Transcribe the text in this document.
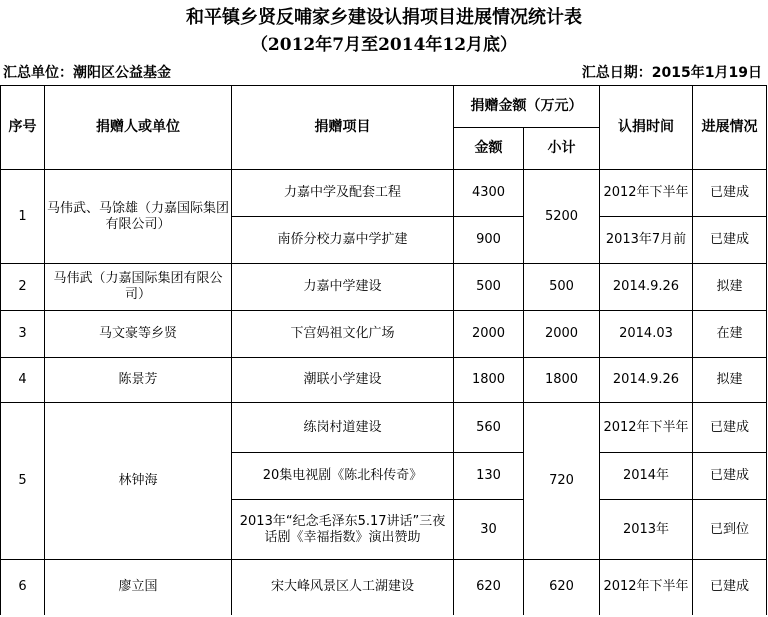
和平镇乡贤反哺家乡建设认捐项目进展情况统计表
（2012年7月至2014年12月底）
汇总单位：潮阳区公益基金	汇总日期：2015年1月19日
序号	捐赠人或单位	捐赠项目	捐赠金额（万元）		认捐时间	进展情况
			金额	小计		
1	马伟武、马馀雄（力嘉国际集团有限公司）	力嘉中学及配套工程	4300	5200	2012年下半年	已建成
		南侨分校力嘉中学扩建	900		2013年7月前	已建成
2	马伟武（力嘉国际集团有限公司）	力嘉中学建设	500	500	2014.9.26	拟建
3	马文豪等乡贤	下宫妈祖文化广场	2000	2000	2014.03	在建
4	陈景芳	潮联小学建设	1800	1800	2014.9.26	拟建
5	林钟海	练岗村道建设	560	720	2012年下半年	已建成
		20集电视剧《陈北科传奇》	130		2014年	已建成
		2013年“纪念毛泽东5.17讲话”三夜话剧《幸福指数》演出赞助	30		2013年	已到位
6	廖立国	宋大峰风景区人工湖建设	620	620	2012年下半年	已建成
